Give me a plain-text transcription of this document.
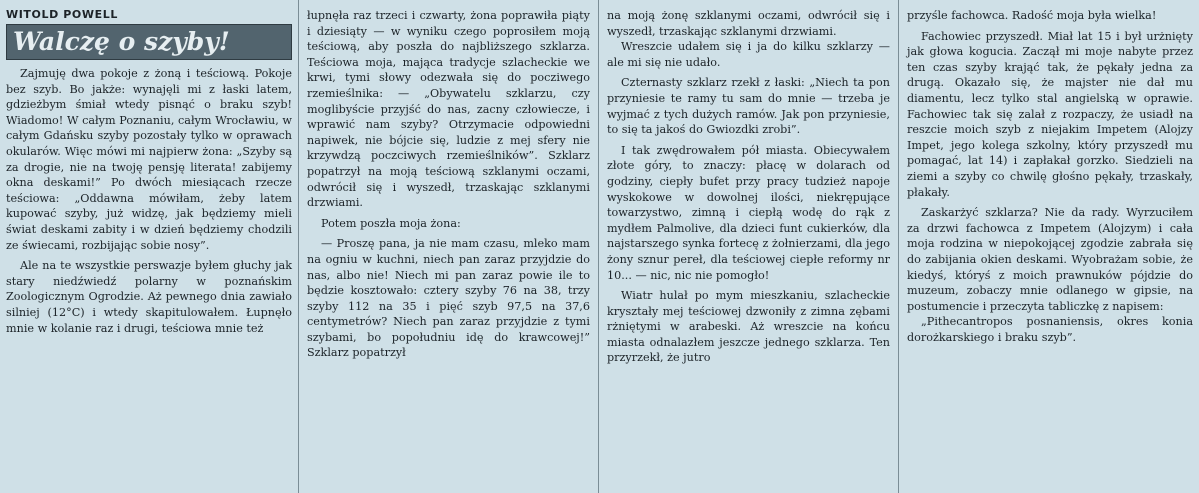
WITOLD POWELL
Walczę o szyby!

Zajmuję dwa pokoje z żoną i teściową. Pokoje bez szyb. Bo jakże: wynajęli mi z łaski latem, gdzieżbym śmiał wtedy pisnąć o braku szyb! Wiadomo! W całym Poznaniu, całym Wrocławiu, w całym Gdańsku szyby pozostały tylko w oprawach okularów. Więc mówi mi najpierw żona: „Szyby są za drogie, nie na twoję pensję literata! zabijemy okna deskami!” Po dwóch miesiącach rzecze teściowa: „Oddawna mówiłam, żeby latem kupować szyby, już widzę, jak będziemy mieli świat deskami zabity i w dzień będziemy chodzili ze świecami, rozbijając sobie nosy”.

Ale na te wszystkie perswazje byłem głuchy jak stary niedźwiedź polarny w poznańskim Zoologicznym Ogrodzie. Aż pewnego dnia zawiało silniej (12°C) i wtedy skapitulowałem. Łupnęło mnie w kolanie raz i drugi, teściowa mnie też

łupnęła raz trzeci i czwarty, żona poprawiła piąty i dziesiąty — w wyniku czego poprosiłem moją teściową, aby poszła do najbliższego szklarza. Teściowa moja, mająca tradycje szlacheckie we krwi, tymi słowy odezwała się do pocziwego rzemieślnika: — „Obywatelu szklarzu, czy moglibyście przyjść do nas, zacny człowiecze, i wprawić nam szyby? Otrzymacie odpowiedni napiwek, nie bójcie się, ludzie z mej sfery nie krzywdzą poczciwych rzemieślników”. Szklarz popatrzył na moją teściową szklanymi oczami, odwrócił się i wyszedł, trzaskając szklanymi drzwiami.

Potem poszła moja żona:

— Proszę pana, ja nie mam czasu, mleko mam na ogniu w kuchni, niech pan zaraz przyjdzie do nas, albo nie! Niech mi pan zaraz powie ile to będzie kosztowało: cztery szyby 76 na 38, trzy szyby 112 na 35 i pięć szyb 97,5 na 37,6 centymetrów? Niech pan zaraz przyjdzie z tymi szybami, bo popołudniu idę do krawcowej!” Szklarz popatrzył

na moją żonę szklanymi oczami, odwrócił się i wyszedł, trzaskając szklanymi drzwiami.

Wreszcie udałem się i ja do kilku szklarzy — ale mi się nie udało.

Czternasty szklarz rzekł z łaski: „Niech ta pon przyniesie te ramy tu sam do mnie — trzeba je wyjmać z tych dużych ramów. Jak pon przyniesie, to się ta jakoś do Gwiozdki zrobi”.

I tak zwędrowałem pół miasta. Obiecywałem złote góry, to znaczy: płacę w dolarach od godziny, ciepły bufet przy pracy tudzież napoje wyskokowe w dowolnej ilości, niekrępujące towarzystwo, zimną i ciepłą wodę do rąk z mydłem Palmolive, dla dzieci funt cukierków, dla najstarszego synka fortecę z żołnierzami, dla jego żony sznur pereł, dla teściowej ciepłe reformy nr 10... — nic, nic nie pomogło!

Wiatr hulał po mym mieszkaniu, szlacheckie kryształy mej teściowej dzwoniły z zimna zębami rżniętymi w arabeski. Aż wreszcie na końcu miasta odnalazłem jeszcze jednego szklarza. Ten przyrzekł, że jutro

przyśle fachowca. Radość moja była wielka!

Fachowiec przyszedł. Miał lat 15 i był urżnięty jak głowa kogucia. Zaczął mi moje nabyte przez ten czas szyby krająć tak, że pękały jedna za drugą. Okazało się, że majster nie dał mu diamentu, lecz tylko stal angielską w oprawie. Fachowiec tak się zalał z rozpaczy, że usiadł na reszcie moich szyb z niejakim Impetem (Alojzy Impet, jego kolega szkolny, który przyszedł mu pomagać, lat 14) i zapłakał gorzko. Siedzieli na ziemi a szyby co chwilę głośno pękały, trzaskały, płakały.

Zaskarżyć szklarza? Nie da rady. Wyrzuciłem za drzwi fachowca z Impetem (Alojzym) i cała moja rodzina w niepokojącej zgodzie zabrała się do zabijania okien deskami. Wyobrażam sobie, że kiedyś, któryś z moich prawnuków pójdzie do muzeum, zobaczy mnie odlanego w gipsie, na postumencie i przeczyta tabliczkę z napisem:

„Pithecantropos posnaniensis, okres konia dorożkarskiego i braku szyb”.
